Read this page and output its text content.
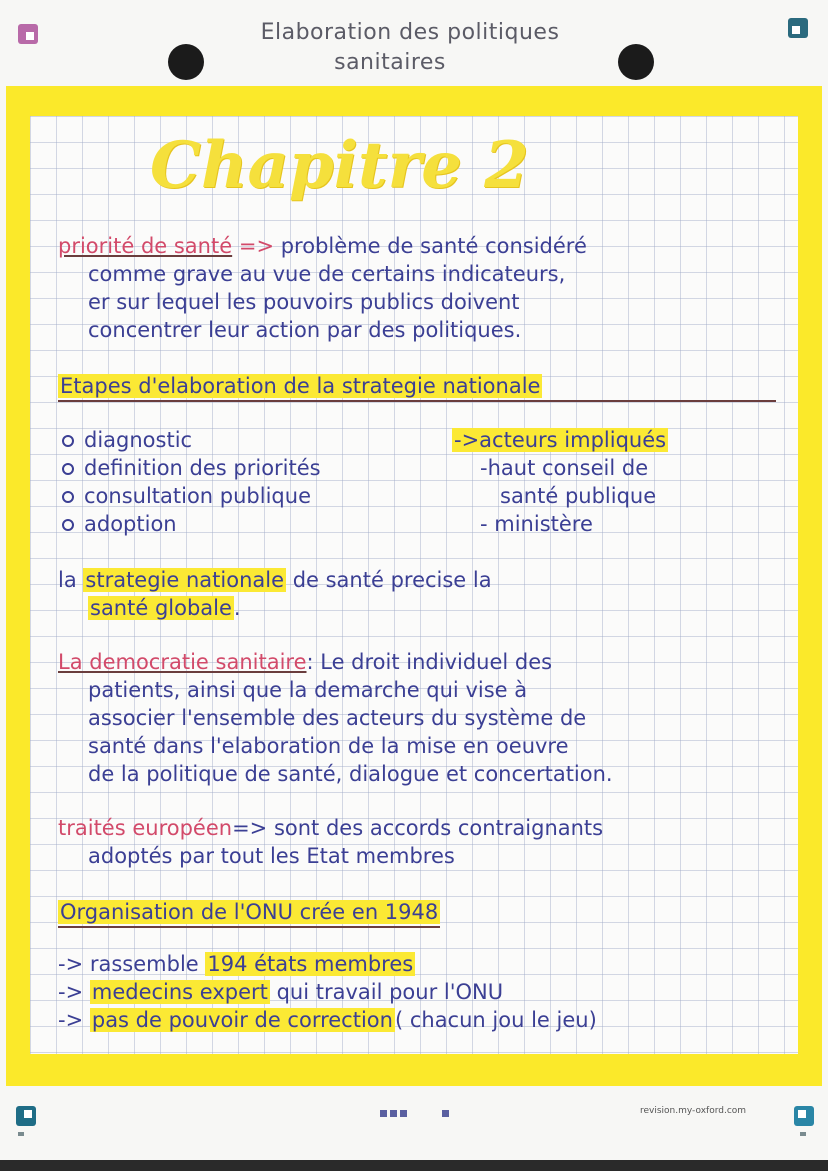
Elaboration des politiques
sanitaires
Chapitre 2
priorité de santé => problème de santé considéré
comme grave au vue de certains indicateurs,
er sur lequel les pouvoirs publics doivent
concentrer leur action par des politiques.
Etapes d'elaboration de la strategie nationale
diagnostic
definition des priorités
consultation publique
adoption
->acteurs impliqués
-haut conseil de
santé publique
- ministère
la strategie nationale de santé precise la
santé globale.
La democratie sanitaire: Le droit individuel des
patients, ainsi que la demarche qui vise à
associer l'ensemble des acteurs du système de
santé dans l'elaboration de la mise en oeuvre
de la politique de santé, dialogue et concertation.
traités européen=> sont des accords contraignants
adoptés par tout les Etat membres
Organisation de l'ONU crée en 1948
-> rassemble 194 états membres
-> medecins expert qui travail pour l'ONU
-> pas de pouvoir de correction( chacun jou le jeu)
revision.my-oxford.com
